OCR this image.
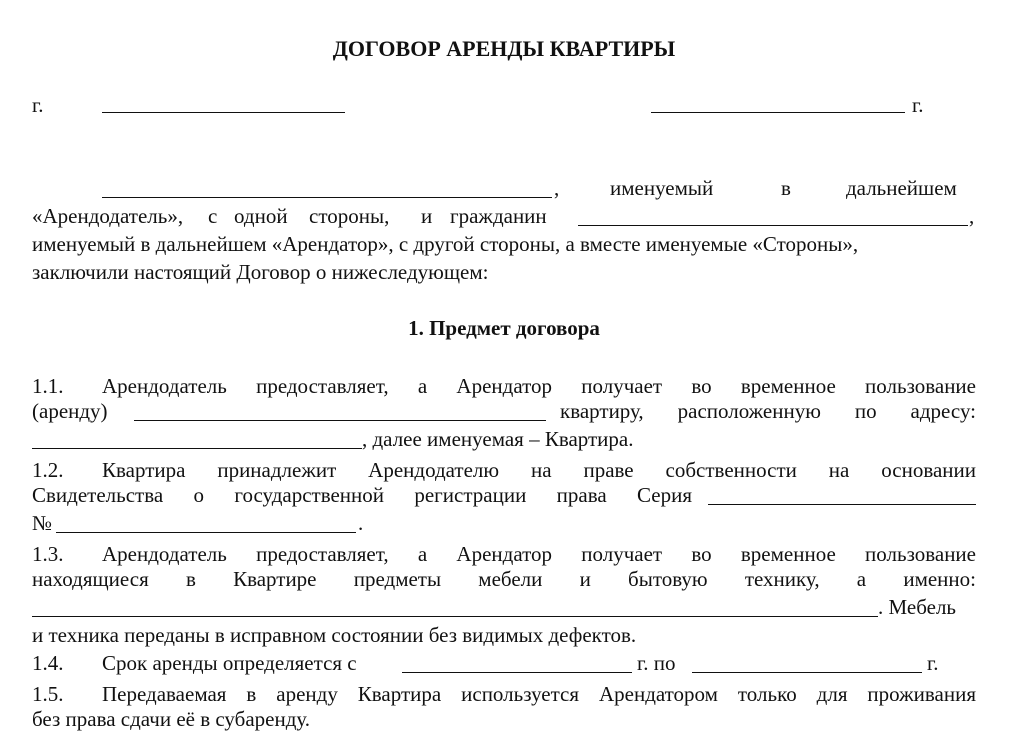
ДОГОВОР АРЕНДЫ КВАРТИРЫ
г.	г.
, именуемый	в	дальнейшем
«Арендодатель», с одной стороны, и гражданин	,
именуемый в дальнейшем «Арендатор», с другой стороны, а вместе именуемые «Стороны»,
заключили настоящий Договор о нижеследующем:
1. Предмет договора
1.1.	Арендодатель предоставляет, а Арендатор получает во временное пользование
(аренду)	квартиру, расположенную по адресу:
, далее именуемая – Квартира.
1.2.	Квартира принадлежит Арендодателю на праве собственности на основании
Свидетельства о государственной регистрации права Серия
№	.
1.3.	Арендодатель предоставляет, а Арендатор получает во временное пользование
находящиеся в Квартире предметы мебели и бытовую технику, а именно:
. Мебель
и техника переданы в исправном состоянии без видимых дефектов.
1.4. Срок аренды определяется с	г. по	г.
1.5.	Передаваемая в аренду Квартира используется Арендатором только для проживания
без права сдачи её в субаренду.
